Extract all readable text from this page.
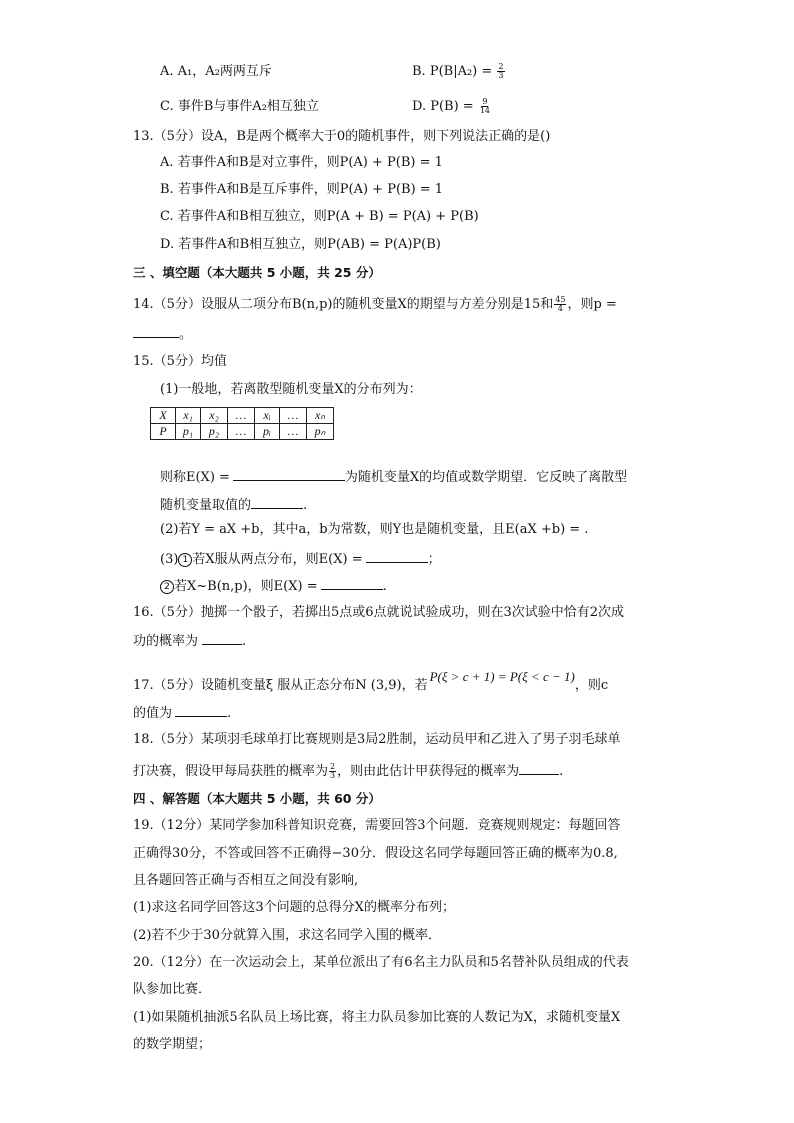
A. A₁，A₂两两互斥	B. $P(B|A_2) = \frac{2}{3}$
C. 事件B与事件A₂相互独立	D. $P(B) = \frac{9}{14}$
13.（5分）设A，B是两个概率大于0的随机事件，则下列说法正确的是()
A. 若事件A和B是对立事件，则P(A) + P(B) = 1
B. 若事件A和B是互斥事件，则P(A) + P(B) = 1
C. 若事件A和B相互独立，则P(A + B) = P(A) + P(B)
D. 若事件A和B相互独立，则P(AB) = P(A)P(B)
三 、填空题（本大题共 5 小题，共 25 分）
14.（5分）设服从二项分布B(n,p)的随机变量X的期望与方差分别是15和 $\frac{45}{4}$ ，则p =
。
15.（5分）均值
(1)一般地，若离散型随机变量X的分布列为：
X	x₁	x₂	…	xᵢ	…	xₙ
P	p₁	p₂	…	pᵢ	…	pₙ
则称E(X) =	为随机变量X的均值或数学期望．它反映了离散型
随机变量取值的	.
(2)若Y = aX +b，其中a，b为常数，则Y也是随机变量，且E(aX +b) = .
(3) 1 若X服从两点分布，则E(X) =	；
2 若X~B(n,p)，则E(X) =	.
16.（5分）抛掷一个骰子，若掷出5点或6点就说试验成功，则在3次试验中恰有2次成
功的概率为	.
17.（5分）设随机变量ξ 服从正态分布N (3,9)，若P(ξ > c + 1) = P(ξ < c − 1)，则c
的值为	.
18.（5分）某项羽毛球单打比赛规则是3局2胜制，运动员甲和乙进入了男子羽毛球单
打决赛，假设甲每局获胜的概率为 $\frac{2}{3}$ ，则由此估计甲获得冠的概率为	.
四 、解答题（本大题共 5 小题，共 60 分）
19.（12分）某同学参加科普知识竞赛，需要回答3个问题．竞赛规则规定：每题回答
正确得30分，不答或回答不正确得−30分．假设这名同学每题回答正确的概率为0.8,
且各题回答正确与否相互之间没有影响,
(1)求这名同学回答这3个问题的总得分X的概率分布列；
(2)若不少于30分就算入围，求这名同学入围的概率．
20.（12分）在一次运动会上，某单位派出了有6名主力队员和5名替补队员组成的代表
队参加比赛．
(1)如果随机抽派5名队员上场比赛，将主力队员参加比赛的人数记为X，求随机变量X
的数学期望；
